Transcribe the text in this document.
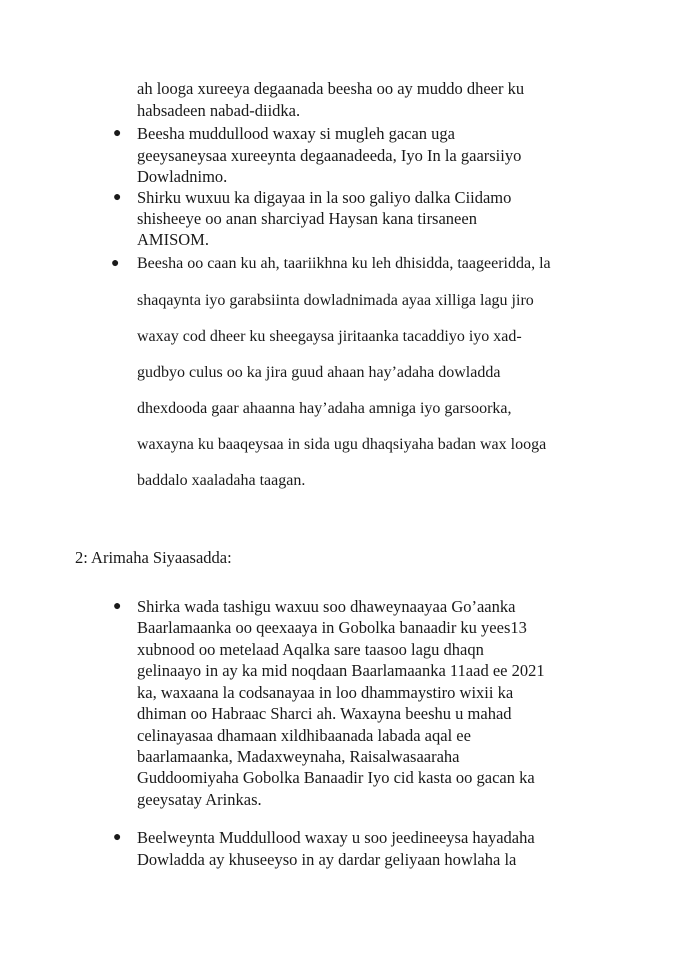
ah looga xureeya degaanada beesha oo ay muddo dheer ku
habsadeen nabad-diidka.
● Beesha muddullood waxay si mugleh gacan uga
geeysaneysaa xureeynta degaanadeeda, Iyo In la gaarsiiyo
Dowladnimo.
● Shirku wuxuu ka digayaa in la soo galiyo dalka Ciidamo
shisheeye oo anan sharciyad Haysan kana tirsaneen
AMISOM.
● Beesha oo caan ku ah, taariikhna ku leh dhisidda, taageeridda, la
shaqaynta iyo garabsiinta dowladnimada ayaa xilliga lagu jiro
waxay cod dheer ku sheegaysa jiritaanka tacaddiyo iyo xad-
gudbyo culus oo ka jira guud ahaan hay’adaha dowladda
dhexdooda gaar ahaanna hay’adaha amniga iyo garsoorka,
waxayna ku baaqeysaa in sida ugu dhaqsiyaha badan wax looga
baddalo xaaladaha taagan.
2: Arimaha Siyaasadda:
● Shirka wada tashigu waxuu soo dhaweynaayaa Go’aanka
Baarlamaanka oo qeexaaya in Gobolka banaadir ku yees13
xubnood oo metelaad Aqalka sare taasoo lagu dhaqn
gelinaayo in ay ka mid noqdaan Baarlamaanka 11aad ee 2021
ka, waxaana la codsanayaa in loo dhammaystiro wixii ka
dhiman oo Habraac Sharci ah. Waxayna beeshu u mahad
celinayasaa dhamaan xildhibaanada labada aqal ee
baarlamaanka, Madaxweynaha, Raisalwasaaraha
Guddoomiyaha Gobolka Banaadir Iyo cid kasta oo gacan ka
geeysatay Arinkas.
● Beelweynta Muddullood waxay u soo jeedineeysa hayadaha
Dowladda ay khuseeyso in ay dardar geliyaan howlaha la
